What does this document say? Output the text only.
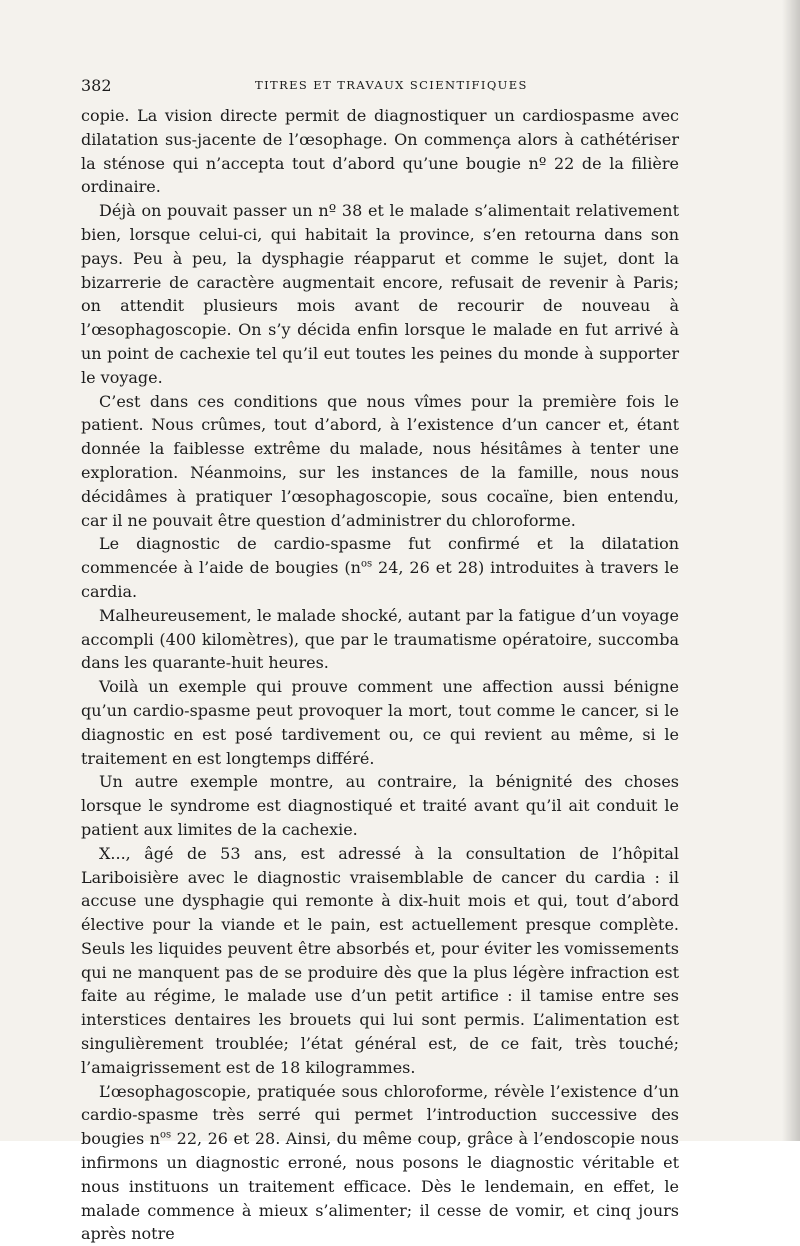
382	TITRES ET TRAVAUX SCIENTIFIQUES

copie. La vision directe permit de diagnostiquer un cardiospasme avec dilatation sus-jacente de l’œsophage. On commença alors à cathétériser la sténose qui n’accepta tout d’abord qu’une bougie nº 22 de la filière ordinaire.

Déjà on pouvait passer un nº 38 et le malade s’alimentait relativement bien, lorsque celui-ci, qui habitait la province, s’en retourna dans son pays. Peu à peu, la dysphagie réapparut et comme le sujet, dont la bizarrerie de caractère augmentait encore, refusait de revenir à Paris; on attendit plusieurs mois avant de recourir de nouveau à l’œsophagoscopie. On s’y décida enfin lorsque le malade en fut arrivé à un point de cachexie tel qu’il eut toutes les peines du monde à supporter le voyage.

C’est dans ces conditions que nous vîmes pour la première fois le patient. Nous crûmes, tout d’abord, à l’existence d’un cancer et, étant donnée la faiblesse extrême du malade, nous hésitâmes à tenter une exploration. Néanmoins, sur les instances de la famille, nous nous décidâmes à pratiquer l’œsophagoscopie, sous cocaïne, bien entendu, car il ne pouvait être question d’administrer du chloroforme.

Le diagnostic de cardio-spasme fut confirmé et la dilatation commencée à l’aide de bougies ($n^{os}$ 24, 26 et 28) introduites à travers le cardia.

Malheureusement, le malade shocké, autant par la fatigue d’un voyage accompli (400 kilomètres), que par le traumatisme opératoire, succomba dans les quarante-huit heures.

Voilà un exemple qui prouve comment une affection aussi bénigne qu’un cardio-spasme peut provoquer la mort, tout comme le cancer, si le diagnostic en est posé tardivement ou, ce qui revient au même, si le traitement en est longtemps différé.

Un autre exemple montre, au contraire, la bénignité des choses lorsque le syndrome est diagnostiqué et traité avant qu’il ait conduit le patient aux limites de la cachexie.

X..., âgé de 53 ans, est adressé à la consultation de l’hôpital Lariboisière avec le diagnostic vraisemblable de cancer du cardia : il accuse une dysphagie qui remonte à dix-huit mois et qui, tout d’abord élective pour la viande et le pain, est actuellement presque complète. Seuls les liquides peuvent être absorbés et, pour éviter les vomissements qui ne manquent pas de se produire dès que la plus légère infraction est faite au régime, le malade use d’un petit artifice : il tamise entre ses interstices dentaires les brouets qui lui sont permis. L’alimentation est singulièrement troublée; l’état général est, de ce fait, très touché; l’amaigrissement est de 18 kilogrammes.

L’œsophagoscopie, pratiquée sous chloroforme, révèle l’existence d’un cardio-spasme très serré qui permet l’introduction successive des bougies $n^{os}$ 22, 26 et 28. Ainsi, du même coup, grâce à l’endoscopie nous infirmons un diagnostic erroné, nous posons le diagnostic véritable et nous instituons un traitement efficace. Dès le lendemain, en effet, le malade commence à mieux s’alimenter; il cesse de vomir, et cinq jours après notre
